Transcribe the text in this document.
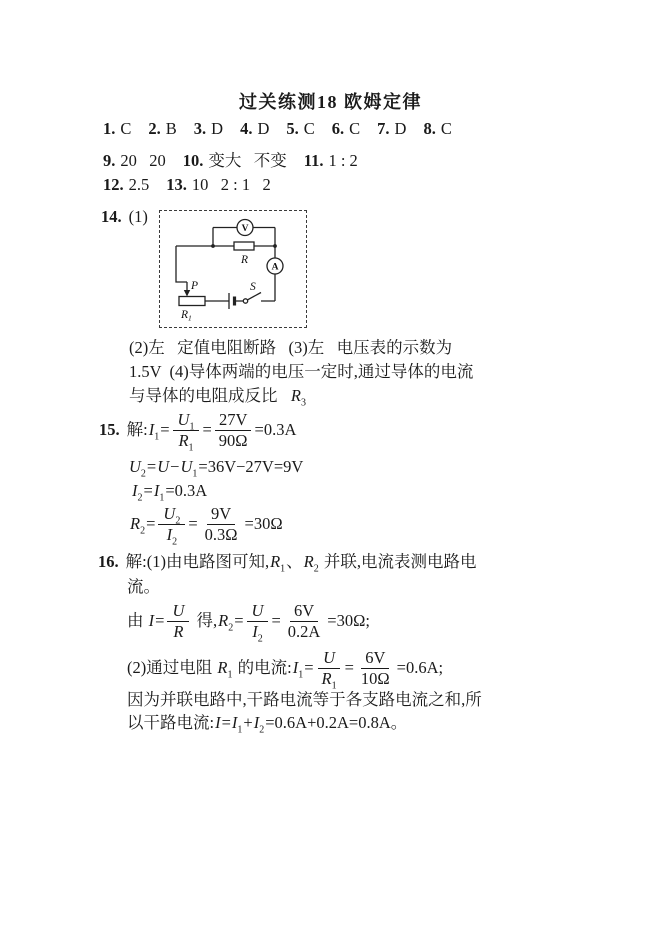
过关练测18 欧姆定律
1. C 2. B 3. D 4. D 5. C 6. C 7. D 8. C
9. 20   20 10. 变大   不变 11. 1 : 2
12. 2.5 13. 10   2 : 1   2
14. (1)
V
A
R
$R_1$
P	S
(2)左   定值电阻断路   (3)左   电压表的示数为
1.5V  (4)导体两端的电压一定时,通过导体的电流
与导体的电阻成反比 $R_3$
15. 解: $I_1 = \frac{U_1}{R_1} = \frac{27V}{90\Omega} =0.3A$
$U_2 = U - U_1 =36V-27V=9V$
$I_2 = I_1 =0.3A$
$R_2 = \frac{U_2}{I_2} = \frac{9V}{0.3\Omega} =30\Omega$
16. 解:(1)由电路图可知, $R_1$ 、 $R_2$ 并联,电流表测电路电
流。
由 $I = \frac{U}{R}$ 得, $R_2 = \frac{U}{I_2} = \frac{6V}{0.2A} =30\Omega$;
(2)通过电阻 $R_1$ 的电流: $I_1 = \frac{U}{R_1} = \frac{6V}{10\Omega} =0.6A$;
因为并联电路中,干路电流等于各支路电流之和,所
以干路电流: $I = I_1 + I_2 =0.6A+0.2A=0.8A$。
